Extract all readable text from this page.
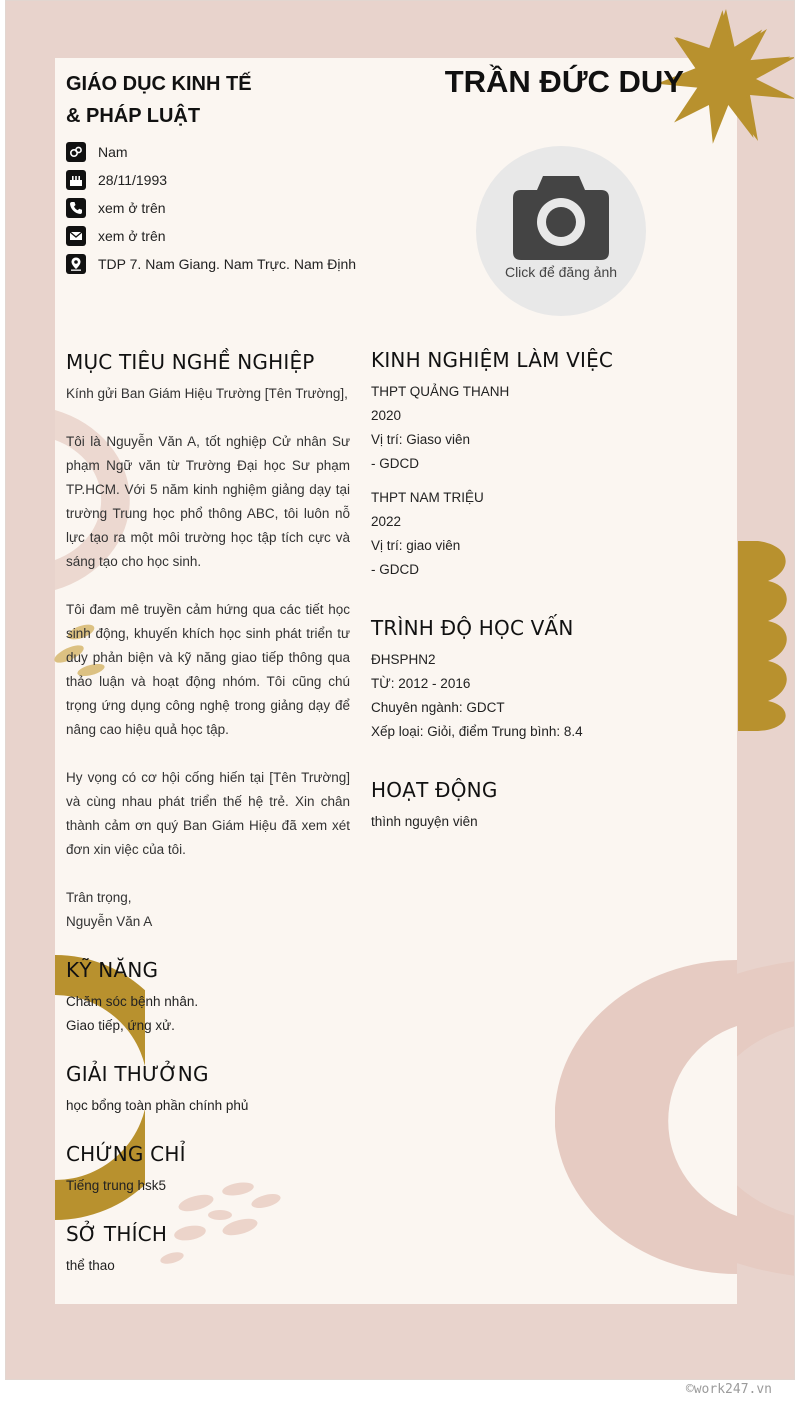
GIÁO DỤC KINH TẾ
& PHÁP LUẬT
TRẦN ĐỨC DUY
Nam
28/11/1993
xem ở trên
xem ở trên
TDP 7. Nam Giang. Nam Trực. Nam Định	Click để đăng ảnh
MỤC TIÊU NGHỀ NGHIỆP
Kính gửi Ban Giám Hiệu Trường [Tên Trường],
Tôi là Nguyễn Văn A, tốt nghiệp Cử nhân Sư phạm Ngữ văn từ Trường Đại học Sư phạm TP.HCM. Với 5 năm kinh nghiệm giảng dạy tại trường Trung học phổ thông ABC, tôi luôn nỗ lực tạo ra một môi trường học tập tích cực và sáng tạo cho học sinh.
Tôi đam mê truyền cảm hứng qua các tiết học sinh động, khuyến khích học sinh phát triển tư duy phản biện và kỹ năng giao tiếp thông qua thảo luận và hoạt động nhóm. Tôi cũng chú trọng ứng dụng công nghệ trong giảng dạy để nâng cao hiệu quả học tập.
Hy vọng có cơ hội cống hiến tại [Tên Trường] và cùng nhau phát triển thế hệ trẻ. Xin chân thành cảm ơn quý Ban Giám Hiệu đã xem xét đơn xin việc của tôi.
Trân trọng,
Nguyễn Văn A
KỸ NĂNG
Chăm sóc bệnh nhân.
Giao tiếp, ứng xử.
GIẢI THƯỞNG
học bổng toàn phần chính phủ
CHỨNG CHỈ
Tiếng trung hsk5
SỞ THÍCH
thể thao
KINH NGHIỆM LÀM VIỆC
THPT QUẢNG THANH
2020
Vị trí: Giaso viên
- GDCD
THPT NAM TRIỆU
2022
Vị trí: giao viên
- GDCD
TRÌNH ĐỘ HỌC VẤN
ĐHSPHN2
TỪ: 2012 - 2016
Chuyên ngành: GDCT
Xếp loại: Giỏi, điểm Trung bình: 8.4
HOẠT ĐỘNG
thình nguyện viên
©work247.vn
